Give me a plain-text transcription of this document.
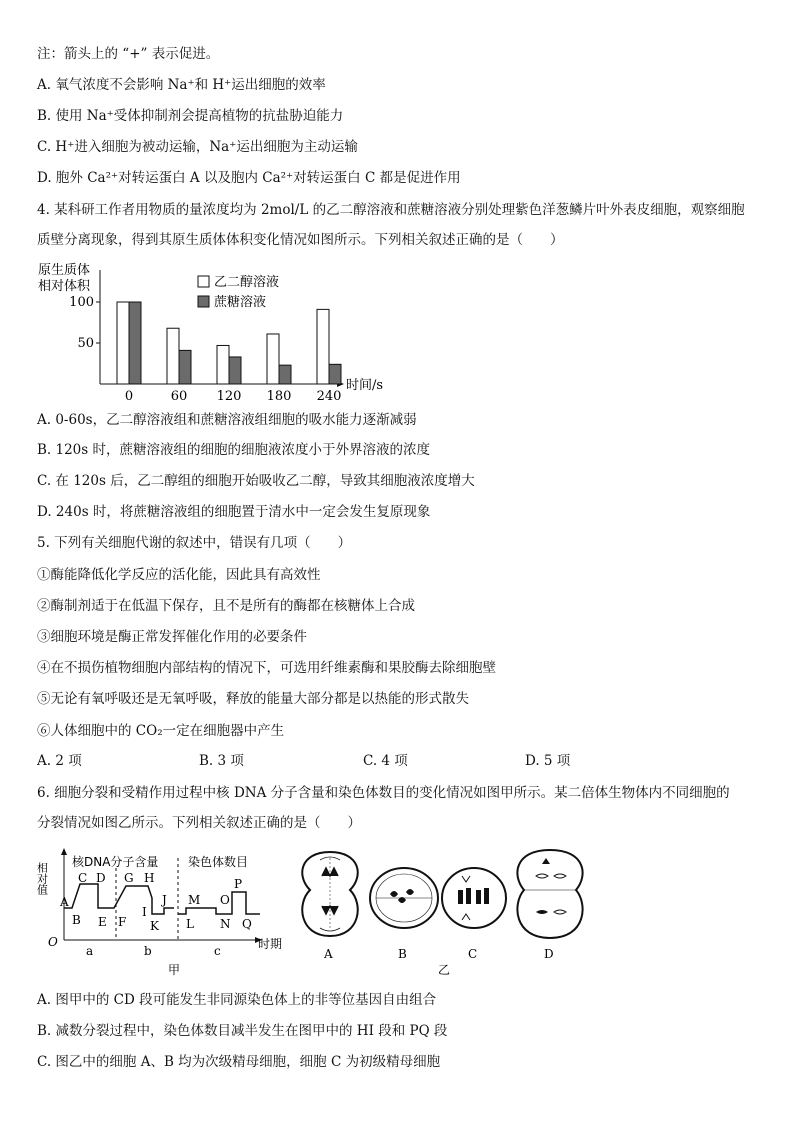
注：箭头上的 “+” 表示促进。
A. 氧气浓度不会影响 Na⁺和 H⁺运出细胞的效率
B. 使用 Na⁺受体抑制剂会提高植物的抗盐胁迫能力
C. H⁺进入细胞为被动运输，Na⁺运出细胞为主动运输
D. 胞外 Ca²⁺对转运蛋白 A 以及胞内 Ca²⁺对转运蛋白 C 都是促进作用
4. 某科研工作者用物质的量浓度均为 2mol/L 的乙二醇溶液和蔗糖溶液分别处理紫色洋葱鳞片叶外表皮细胞，观察细胞
质壁分离现象，得到其原生质体体积变化情况如图所示。下列相关叙述正确的是（　　）
原生质体
相对体积
时间/s
100
50
0	60 120 180 240
乙二醇溶液
蔗糖溶液
A. 0-60s，乙二醇溶液组和蔗糖溶液组细胞的吸水能力逐渐减弱
B. 120s 时，蔗糖溶液组的细胞的细胞液浓度小于外界溶液的浓度
C. 在 120s 后，乙二醇组的细胞开始吸收乙二醇，导致其细胞液浓度增大
D. 240s 时，将蔗糖溶液组的细胞置于清水中一定会发生复原现象
5. 下列有关细胞代谢的叙述中，错误有几项（　　）
①酶能降低化学反应的活化能，因此具有高效性
②酶制剂适于在低温下保存，且不是所有的酶都在核糖体上合成
③细胞环境是酶正常发挥催化作用的必要条件
④在不损伤植物细胞内部结构的情况下，可选用纤维素酶和果胶酶去除细胞壁
⑤无论有氧呼吸还是无氧呼吸，释放的能量大部分都是以热能的形式散失
⑥人体细胞中的 CO₂一定在细胞器中产生
A. 2 项	B. 3 项	C. 4 项	D. 5 项
6. 细胞分裂和受精作用过程中核 DNA 分子含量和染色体数目的变化情况如图甲所示。某二倍体生物体内不同细胞的
分裂情况如图乙所示。下列相关叙述正确的是（　　）
相对值
O	时期
核DNA分子含量 染色体数目
A
B
C D
E F
G H
I
J
K L
M
N
O
P
Q
a	b	c
甲
A	B	C	D
乙
A. 图甲中的 CD 段可能发生非同源染色体上的非等位基因自由组合
B. 减数分裂过程中，染色体数目减半发生在图甲中的 HI 段和 PQ 段
C. 图乙中的细胞 A、B 均为次级精母细胞，细胞 C 为初级精母细胞
